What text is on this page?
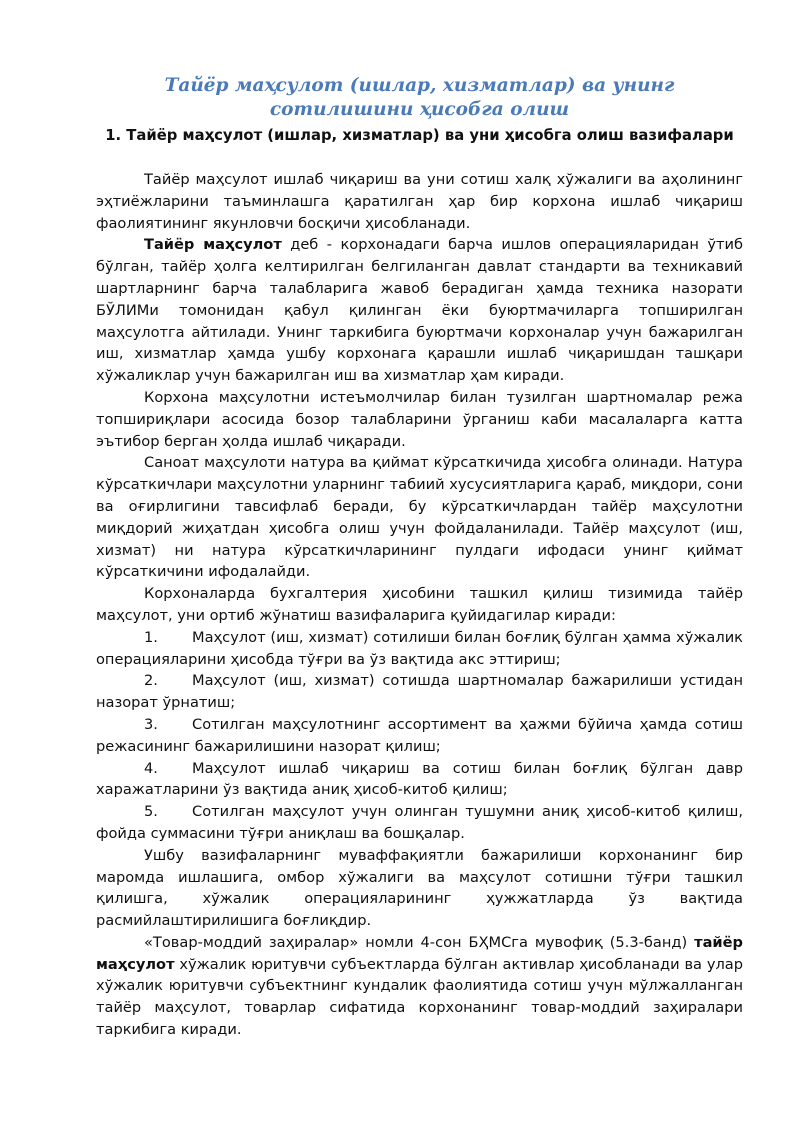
Тайёр маҳсулот (ишлар, хизматлар) ва унинг сотилишини ҳисобга олиш
1. Тайёр маҳсулот (ишлар, хизматлар) ва уни ҳисобга олиш вазифалари

Тайёр маҳсулот ишлаб чиқариш ва уни сотиш халқ хўжалиги ва аҳолининг эҳтиёжларини таъминлашга қаратилган ҳар бир корхона ишлаб чиқариш фаолиятининг якунловчи босқичи ҳисобланади.

Тайёр маҳсулот деб - корхонадаги барча ишлов операцияларидан ўтиб бўлган, тайёр ҳолга келтирилган белгиланган давлат стандарти ва техникавий шартларнинг барча талабларига жавоб берадиган ҳамда техника назорати БЎЛИМи томонидан қабул қилинган ёки буюртмачиларга топширилган маҳсулотга айтилади. Унинг таркибига буюртмачи корхоналар учун бажарилган иш, хизматлар ҳамда ушбу корхонага қарашли ишлаб чиқаришдан ташқари хўжаликлар учун бажарилган иш ва хизматлар ҳам киради.

Корхона маҳсулотни истеъмолчилар билан тузилган шартномалар режа топшириқлари асосида бозор талабларини ўрганиш каби масалаларга катта эътибор берган ҳолда ишлаб чиқаради.

Саноат маҳсулоти натура ва қиймат кўрсаткичида ҳисобга олинади. Натура кўрсаткичлари маҳсулотни уларнинг табиий хусусиятларига қараб, миқдори, сони ва оғирлигини тавсифлаб беради, бу кўрсаткичлардан тайёр маҳсулотни миқдорий жиҳатдан ҳисобга олиш учун фойдаланилади. Тайёр маҳсулот (иш, хизмат) ни натура кўрсаткичларининг пулдаги ифодаси унинг қиймат кўрсаткичини ифодалайди.

Корхоналарда бухгалтерия ҳисобини ташкил қилиш тизимида тайёр маҳсулот, уни ортиб жўнатиш вазифаларига қуйидагилар киради:

1. Маҳсулот (иш, хизмат) сотилиши билан боғлиқ бўлган ҳамма хўжалик операцияларини ҳисобда тўғри ва ўз вақтида акс эттириш;

2. Маҳсулот (иш, хизмат) сотишда шартномалар бажарилиши устидан назорат ўрнатиш;

3. Сотилган маҳсулотнинг ассортимент ва ҳажми бўйича ҳамда сотиш режасининг бажарилишини назорат қилиш;

4. Маҳсулот ишлаб чиқариш ва сотиш билан боғлиқ бўлган давр харажатларини ўз вақтида аниқ ҳисоб-китоб қилиш;

5. Сотилган маҳсулот учун олинган тушумни аниқ ҳисоб-китоб қилиш, фойда суммасини тўғри аниқлаш ва бошқалар.

Ушбу вазифаларнинг муваффақиятли бажарилиши корхонанинг бир маромда ишлашига, омбор хўжалиги ва маҳсулот сотишни тўғри ташкил қилишга, хўжалик операцияларининг ҳужжатларда ўз вақтида расмийлаштирилишига боғлиқдир.

«Товар-моддий заҳиралар» номли 4-сон БҲМСга мувофиқ (5.3-банд) тайёр маҳсулот хўжалик юритувчи субъектларда бўлган активлар ҳисобланади ва улар хўжалик юритувчи субъектнинг кундалик фаолиятида сотиш учун мўлжалланган тайёр маҳсулот, товарлар сифатида корхонанинг товар-моддий заҳиралари таркибига киради.
